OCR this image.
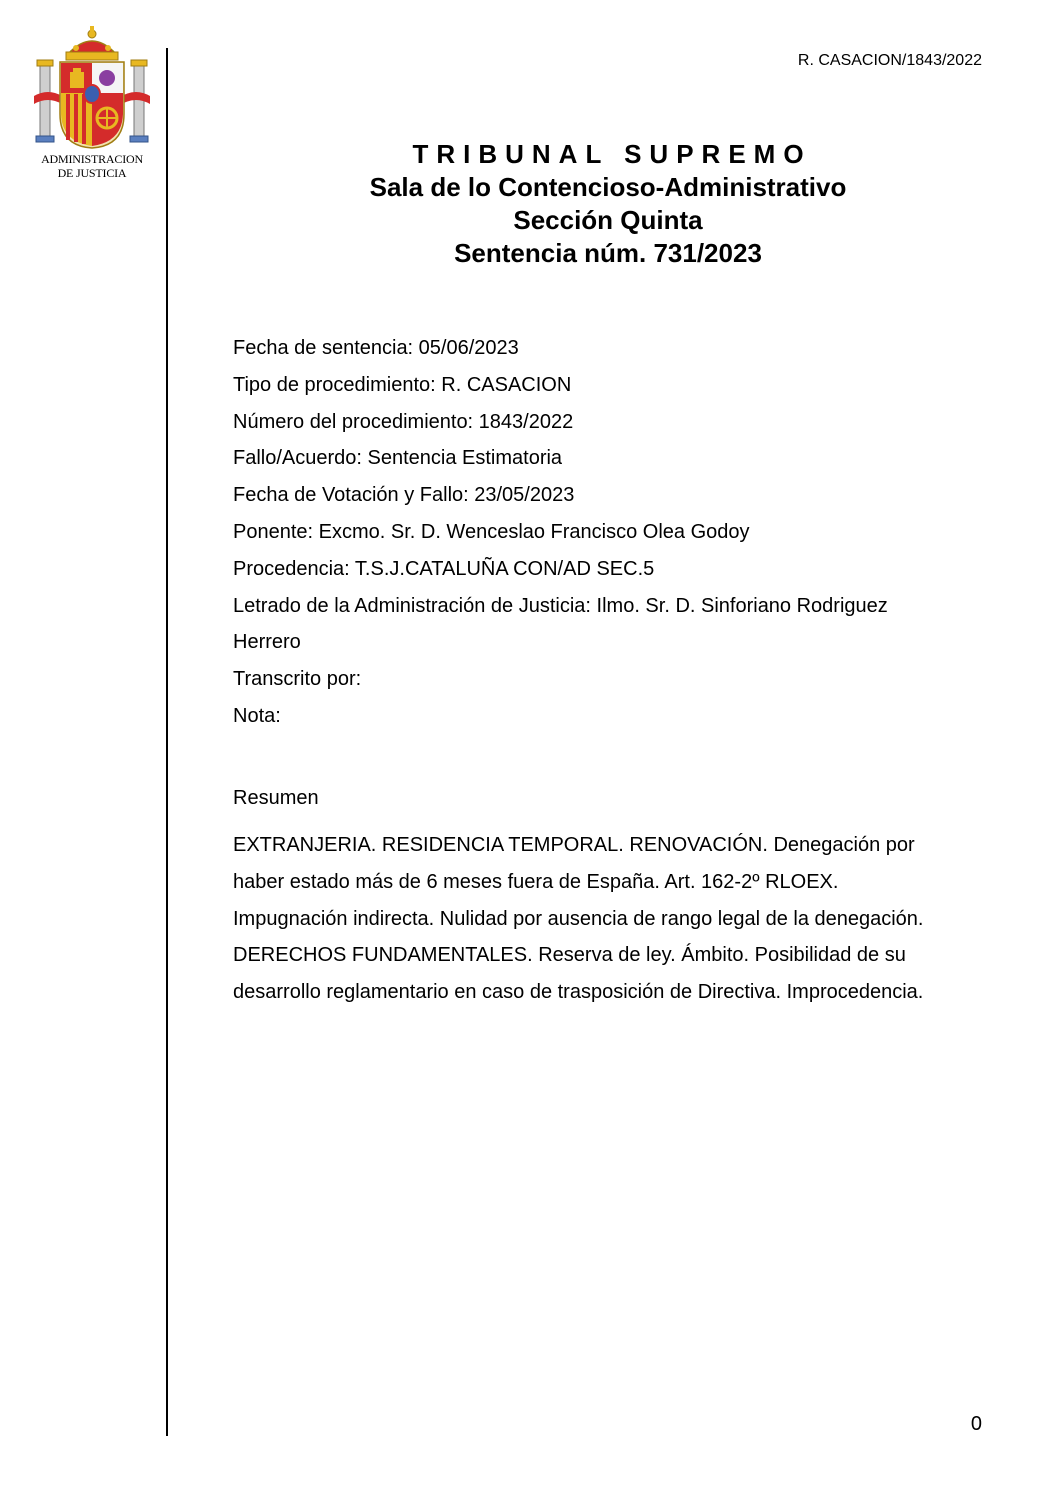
ADMINISTRACION
DE JUSTICIA
R. CASACION/1843/2022
TRIBUNAL SUPREMO
Sala de lo Contencioso-Administrativo
Sección Quinta
Sentencia núm. 731/2023
Fecha de sentencia: 05/06/2023
Tipo de procedimiento: R. CASACION
Número del procedimiento: 1843/2022
Fallo/Acuerdo: Sentencia Estimatoria
Fecha de Votación y Fallo: 23/05/2023
Ponente: Excmo. Sr. D. Wenceslao Francisco Olea Godoy
Procedencia: T.S.J.CATALUÑA CON/AD SEC.5
Letrado de la Administración de Justicia: Ilmo. Sr. D. Sinforiano Rodriguez
Herrero
Transcrito por:
Nota:
Resumen
EXTRANJERIA. RESIDENCIA TEMPORAL. RENOVACIÓN. Denegación por
haber estado más de 6 meses fuera de España. Art. 162-2º RLOEX.
Impugnación indirecta. Nulidad por ausencia de rango legal de la denegación.
DERECHOS FUNDAMENTALES. Reserva de ley. Ámbito. Posibilidad de su
desarrollo reglamentario en caso de trasposición de Directiva. Improcedencia.
0
